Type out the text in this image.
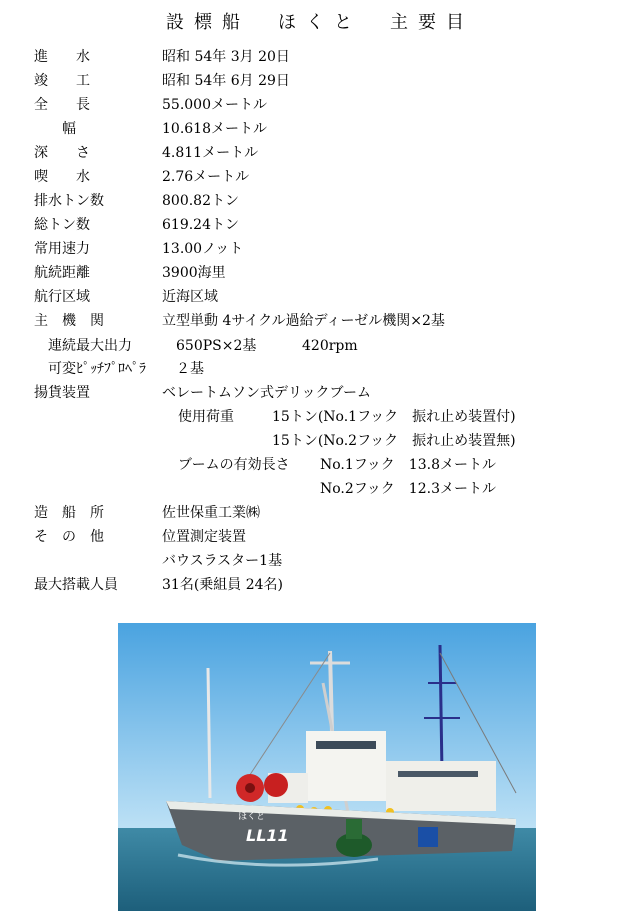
設標船　ほくと　主要目
進　　水	昭和 54年 3月 20日
竣　　工	昭和 54年 6月 29日
全　　長	55.000メートル
　　幅	10.618メートル
深　　さ	4.811メートル
喫　　水	2.76メートル
排水トン数	800.82トン
総トン数	619.24トン
常用速力	13.00ノット
航続距離	3900海里
航行区域	近海区域
主　機　関	立型単動 4サイクル過給ディーゼル機関×2基
連続最大出力	650PS×2基	420rpm
可変ﾋﾟｯﾁﾌﾟﾛﾍﾟﾗ ２基
揚貨装置	ベレートムソン式デリックブーム
使用荷重	15トン(No.1フック　振れ止め装置付)
15トン(No.2フック　振れ止め装置無)
ブームの有効長さ No.1フック　13.8メートル
No.2フック　12.3メートル
造　船　所	佐世保重工業㈱
そ　の　他	位置測定装置
バウスラスター1基
最大搭載人員	31名(乗組員 24名)
LL11
ほくと
